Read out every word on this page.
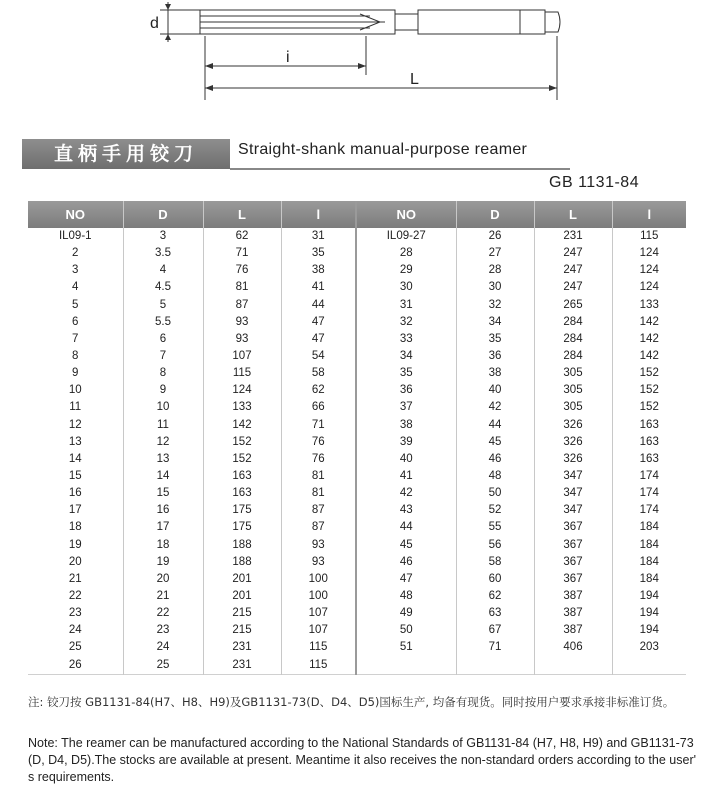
d
i
L
直柄手用铰刀	Straight-shank manual-purpose reamer
GB 1131-84
NO	D	L	l	NO	D	L	l
IL09-1	3	62	31	IL09-27	26	231	115
2	3.5	71	35	28	27	247	124
3	4	76	38	29	28	247	124
4	4.5	81	41	30	30	247	124
5	5	87	44	31	32	265	133
6	5.5	93	47	32	34	284	142
7	6	93	47	33	35	284	142
8	7	107	54	34	36	284	142
9	8	115	58	35	38	305	152
10	9	124	62	36	40	305	152
11	10	133	66	37	42	305	152
12	11	142	71	38	44	326	163
13	12	152	76	39	45	326	163
14	13	152	76	40	46	326	163
15	14	163	81	41	48	347	174
16	15	163	81	42	50	347	174
17	16	175	87	43	52	347	174
18	17	175	87	44	55	367	184
19	18	188	93	45	56	367	184
20	19	188	93	46	58	367	184
21	20	201	100	47	60	367	184
22	21	201	100	48	62	387	194
23	22	215	107	49	63	387	194
24	23	215	107	50	67	387	194
25	24	231	115	51	71	406	203
26	25	231	115				
注: 铰刀按 GB1131-84(H7、H8、H9)及GB1131-73(D、D4、D5)国标生产, 均备有现货。同时按用户要求承接非标准订货。
Note: The reamer can be manufactured according to the National Standards of GB1131-84 (H7, H8, H9) and GB1131-73 (D, D4, D5).The stocks are available at present. Meantime it also receives the non-standard orders according to the user' s requirements.
